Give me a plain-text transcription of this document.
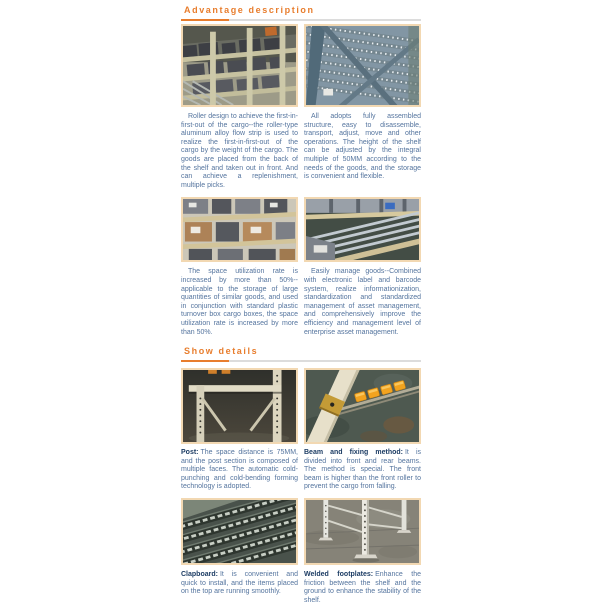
Advantage description

Roller design to achieve the first-in-first-out of the cargo--the roller-type aluminum alloy flow strip is used to realize the first-in-first-out of the cargo by the weight of the cargo. The goods are placed from the back of the shelf and taken out in front. And can achieve a replenishment, multiple picks.

All adopts fully assembled structure, easy to disassemble, transport, adjust, move and other operations. The height of the shelf can be adjusted by the integral multiple of 50MM according to the needs of the goods, and the storage is convenient and flexible.

The space utilization rate is increased by more than 50%--applicable to the storage of large quantities of similar goods, and used in conjunction with standard plastic turnover box cargo boxes, the space utilization rate is increased by more than 50%.

Easily manage goods--Combined with electronic label and barcode system, realize informationization, standardization and standardized management of asset management, and comprehensively improve the efficiency and management level of enterprise asset management.

Show details

Post: The space distance is 75MM, and the post section is composed of multiple faces. The automatic cold-punching and cold-bending forming technology is adopted.

Beam and fixing method: It is divided into front and rear beams. The method is special. The front beam is higher than the front roller to prevent the cargo from falling.

Clapboard: It is convenient and quick to install, and the items placed on the top are running smoothly.

Welded footplates: Enhance the friction between the shelf and the ground to enhance the stability of the shelf.
